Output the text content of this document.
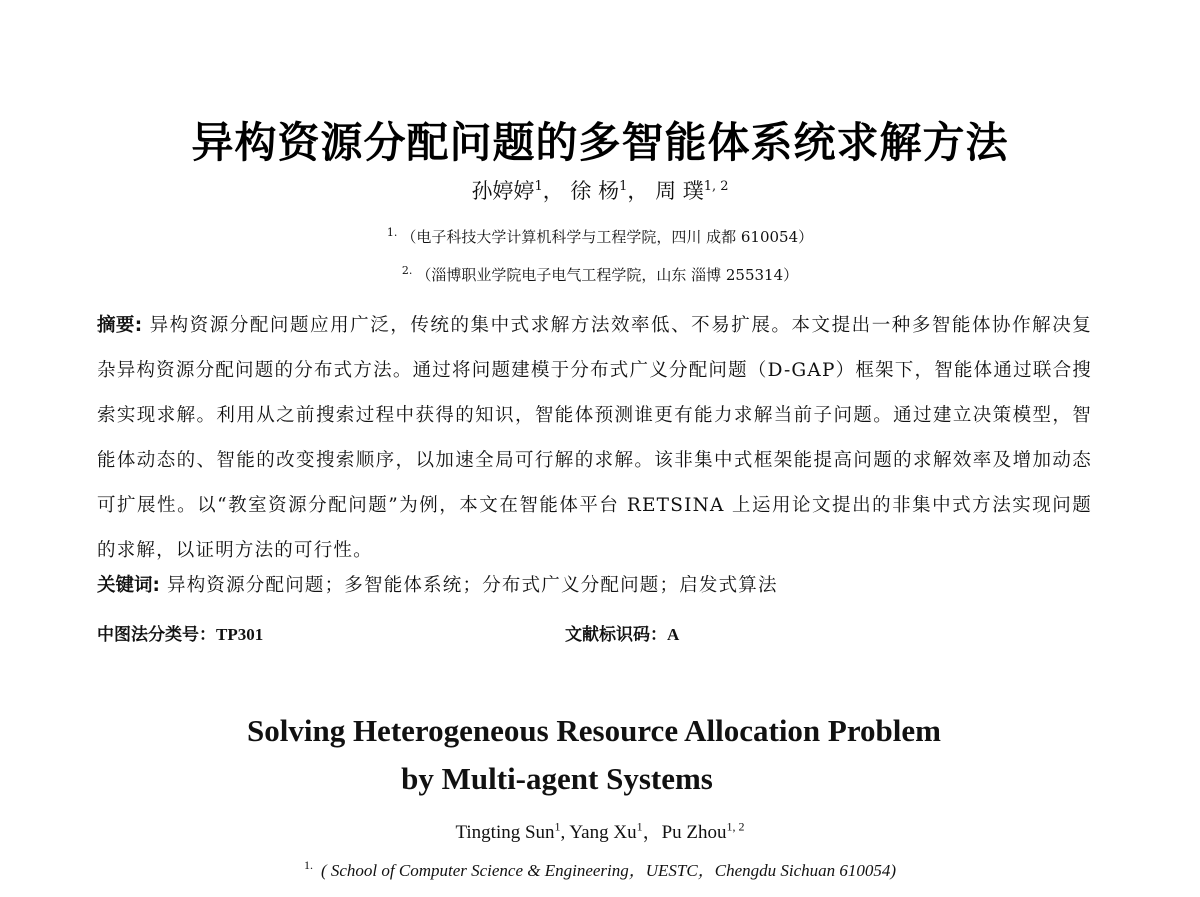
异构资源分配问题的多智能体系统求解方法
孙婷婷$^1$， 徐 杨$^1$， 周 璞$^{1, 2}$
$^{1.}$ （电子科技大学计算机科学与工程学院，四川 成都 610054）
$^{2.}$ （淄博职业学院电子电气工程学院，山东 淄博 255314）
摘要: 异构资源分配问题应用广泛，传统的集中式求解方法效率低、不易扩展。本文提出一种多智能体协作解决复杂异构资源分配问题的分布式方法。通过将问题建模于分布式广义分配问题（D-GAP）框架下，智能体通过联合搜索实现求解。利用从之前搜索过程中获得的知识，智能体预测谁更有能力求解当前子问题。通过建立决策模型，智能体动态的、智能的改变搜索顺序，以加速全局可行解的求解。该非集中式框架能提高问题的求解效率及增加动态可扩展性。以“教室资源分配问题”为例，本文在智能体平台 RETSINA 上运用论文提出的非集中式方法实现问题的求解，以证明方法的可行性。
关键词: 异构资源分配问题；多智能体系统；分布式广义分配问题；启发式算法
中图法分类号：TP301	文献标识码：A
Solving Heterogeneous Resource Allocation Problem
by Multi-agent Systems
Tingting Sun$^1$, Yang Xu$^1$，Pu Zhou$^{1, 2}$
$^{1.}$ ( School of Computer Science & Engineering，UESTC，Chengdu Sichuan 610054)
